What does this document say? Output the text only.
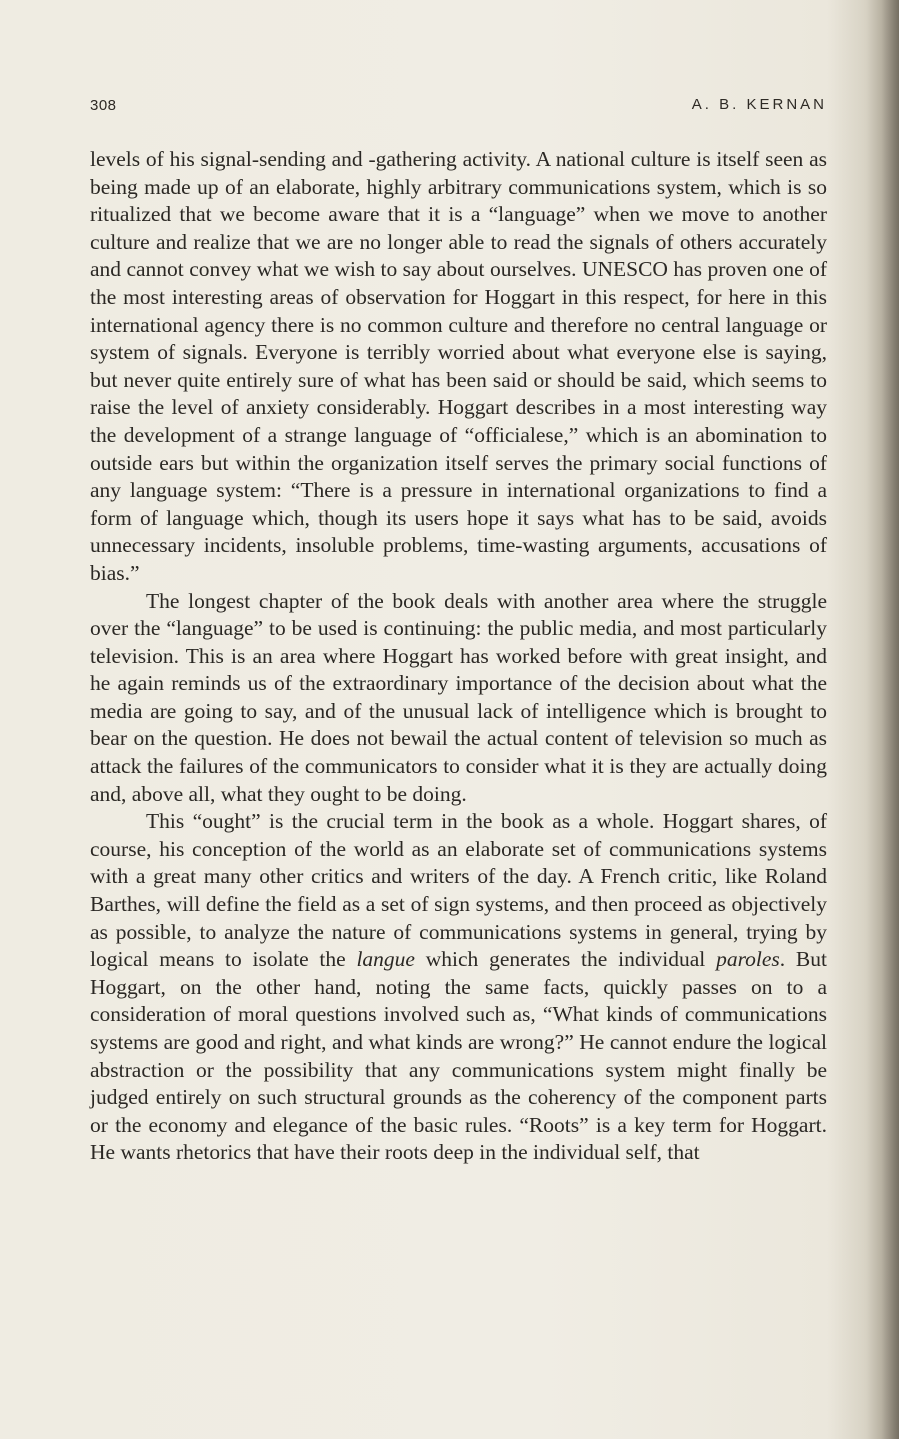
308	A. B. KERNAN

levels of his signal-sending and -gathering activity. A national culture is itself seen as being made up of an elaborate, highly arbitrary communications system, which is so ritualized that we become aware that it is a “language” when we move to another culture and realize that we are no longer able to read the signals of others accurately and cannot convey what we wish to say about ourselves. UNESCO has proven one of the most interesting areas of observation for Hoggart in this respect, for here in this international agency there is no common culture and therefore no central language or system of signals. Everyone is terribly worried about what everyone else is saying, but never quite entirely sure of what has been said or should be said, which seems to raise the level of anxiety considerably. Hoggart describes in a most interesting way the development of a strange language of “officialese,” which is an abomination to outside ears but within the organization itself serves the primary social functions of any language system: “There is a pressure in international organizations to find a form of language which, though its users hope it says what has to be said, avoids unnecessary incidents, insoluble problems, time-wasting arguments, accusations of bias.”

The longest chapter of the book deals with another area where the struggle over the “language” to be used is continuing: the public media, and most particularly television. This is an area where Hoggart has worked before with great insight, and he again reminds us of the extraordinary importance of the decision about what the media are going to say, and of the unusual lack of intelligence which is brought to bear on the question. He does not bewail the actual content of television so much as attack the failures of the communicators to consider what it is they are actually doing and, above all, what they ought to be doing.

This “ought” is the crucial term in the book as a whole. Hoggart shares, of course, his conception of the world as an elaborate set of communications systems with a great many other critics and writers of the day. A French critic, like Roland Barthes, will define the field as a set of sign systems, and then proceed as objectively as possible, to analyze the nature of communications systems in general, trying by logical means to isolate the langue which generates the individual paroles. But Hoggart, on the other hand, noting the same facts, quickly passes on to a consideration of moral questions involved such as, “What kinds of communications systems are good and right, and what kinds are wrong?” He cannot endure the logical abstraction or the possibility that any communications system might finally be judged entirely on such structural grounds as the coherency of the component parts or the economy and elegance of the basic rules. “Roots” is a key term for Hoggart. He wants rhetorics that have their roots deep in the individual self, that
